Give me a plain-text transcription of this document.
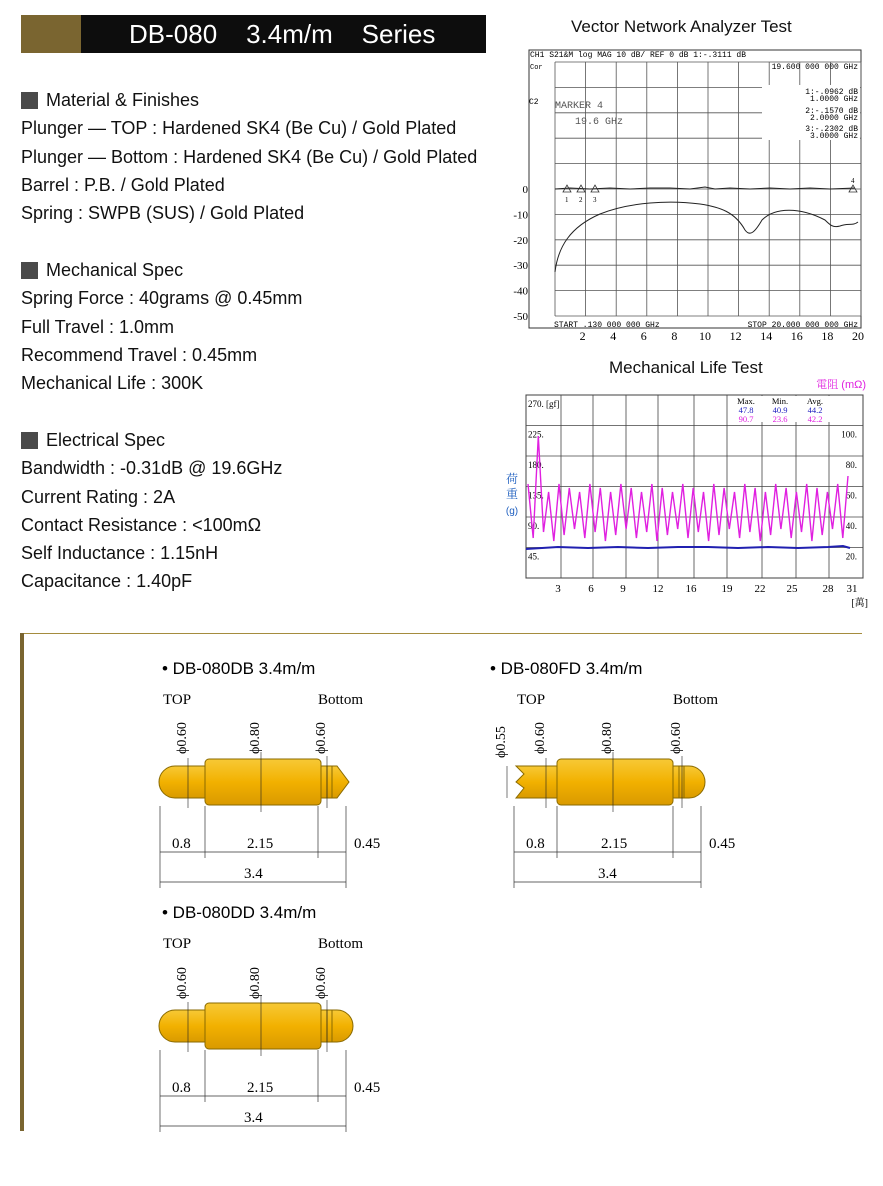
DB-080 3.4m/m Series
Material & Finishes
Plunger — TOP : Hardened SK4 (Be Cu) / Gold Plated
Plunger — Bottom : Hardened SK4 (Be Cu) / Gold Plated
Barrel : P.B. / Gold Plated
Spring : SWPB (SUS) / Gold Plated
Mechanical Spec
Spring Force : 40grams @ 0.45mm
Full Travel : 1.0mm
Recommend Travel : 0.45mm
Mechanical Life : 300K
Electrical Spec
Bandwidth : -0.31dB @ 19.6GHz
Current Rating : 2A
Contact Resistance : <100mΩ
Self Inductance : 1.15nH
Capacitance : 1.40pF
Vector Network Analyzer Test
CH1 S21&M log MAG 10 dB/ REF 0 dB 1:-.3111 dB
Cor	19.600 000 000 GHz
C2 MARKER 4
19.6 GHz
1:-.0962 dB
1.0000 GHz
2:-.1570 dB
2.0000 GHz
3:-.2302 dB
3.0000 GHz
0
-10
-20
-30
-40
-50
2 4 6 8 10 12 14 16 18 20
START .130 000 000 GHz	STOP 20.000 000 000 GHz
1 2 3
4
Mechanical Life Test
電阻 (mΩ)
270. [gf]
225.
180.
135.
90.
45.
100.
80.
60.
40.
20.
3	6 9 12 16 19 22 25 28 31
荷
重
(g)
[萬]
Max. Min. Avg.
47.8 40.9 44.2
90.7 23.6 42.2
• DB-080DB 3.4m/m
TOP	Bottom
ϕ0.60	ϕ0.80	ϕ0.60
0.8	2.15	0.45
3.4
• DB-080FD 3.4m/m
TOP	Bottom
ϕ0.55 ϕ0.60	ϕ0.80	ϕ0.60
0.8	2.15	0.45
3.4
• DB-080DD 3.4m/m
TOP	Bottom
ϕ0.60	ϕ0.80	ϕ0.60
0.8	2.15	0.45
3.4
